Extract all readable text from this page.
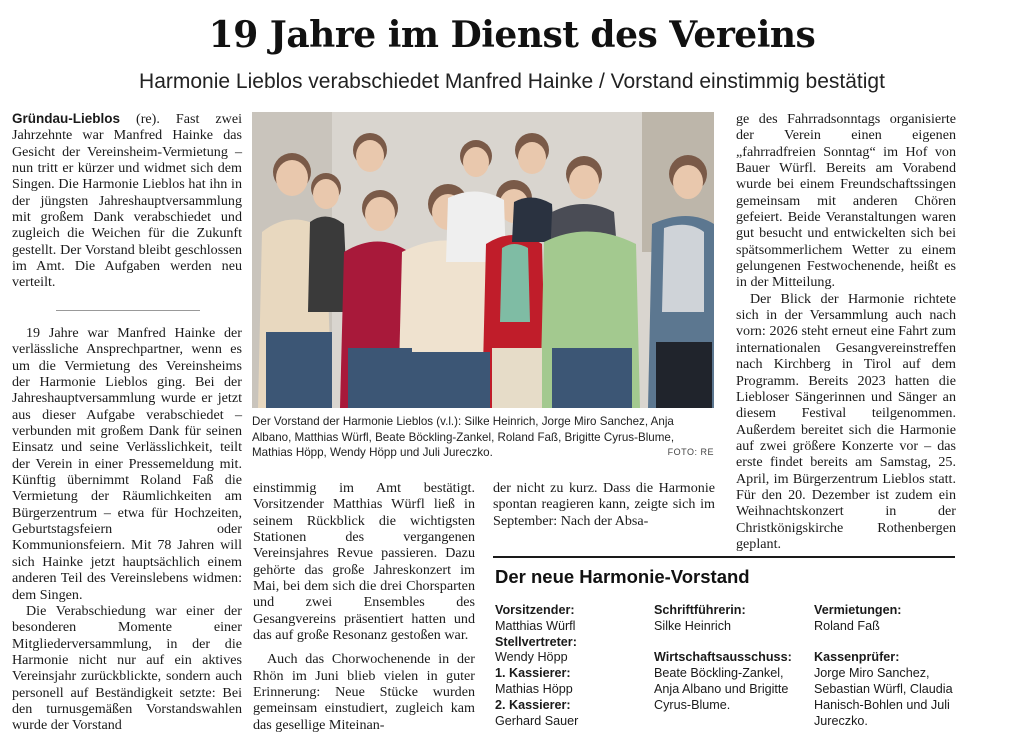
19 Jahre im Dienst des Vereins
Harmonie Lieblos verabschiedet Manfred Hainke / Vorstand einstimmig bestätigt

Gründau-Lieblos (re). Fast zwei Jahrzehnte war Manfred Hainke das Gesicht der Vereinsheim-Vermietung – nun tritt er kürzer und widmet sich dem Singen. Die Harmonie Lieblos hat ihn in der jüngsten Jahreshauptversammlung mit großem Dank verabschiedet und zugleich die Weichen für die Zukunft gestellt. Der Vorstand bleibt geschlossen im Amt. Die Aufgaben werden neu verteilt.

19 Jahre war Manfred Hainke der verlässliche Ansprechpartner, wenn es um die Vermietung des Vereinsheims der Harmonie Lieblos ging. Bei der Jahreshauptversammlung wurde er jetzt aus dieser Aufgabe verabschiedet – verbunden mit großem Dank für seinen Einsatz und seine Verlässlichkeit, teilt der Verein in einer Pressemeldung mit. Künftig übernimmt Roland Faß die Vermietung der Räumlichkeiten am Bürgerzentrum – etwa für Hochzeiten, Geburtstagsfeiern oder Kommunionsfeiern. Mit 78 Jahren will sich Hainke jetzt hauptsächlich einem anderen Teil des Vereinslebens widmen: dem Singen.

Die Verabschiedung war einer der besonderen Momente einer Mitgliederversammlung, in der die Harmonie nicht nur auf ein aktives Vereinsjahr zurückblickte, sondern auch personell auf Beständigkeit setzte: Bei den turnusgemäßen Vorstandswahlen wurde der Vorstand

Der Vorstand der Harmonie Lieblos (v.l.): Silke Heinrich, Jorge Miro Sanchez, Anja Albano, Matthias Würfl, Beate Böckling-Zankel, Roland Faß, Brigitte Cyrus-Blume, Mathias Höpp, Wendy Höpp und Juli Jureczko.	FOTO: RE

einstimmig im Amt bestätigt. Vorsitzender Matthias Würfl ließ in seinem Rückblick die wichtigsten Stationen des vergangenen Vereinsjahres Revue passieren. Dazu gehörte das große Jahreskonzert im Mai, bei dem sich die drei Chorsparten und zwei Ensembles des Gesangvereins präsentiert hatten und das auf große Resonanz gestoßen war.

Auch das Chorwochenende in der Rhön im Juni blieb vielen in guter Erinnerung: Neue Stücke wurden gemeinsam einstudiert, zugleich kam das gesellige Miteinan-

der nicht zu kurz. Dass die Harmonie spontan reagieren kann, zeigte sich im September: Nach der Absa-

ge des Fahrradsonntags organisierte der Verein einen eigenen „fahrradfreien Sonntag“ im Hof von Bauer Würfl. Bereits am Vorabend wurde bei einem Freundschaftssingen gemeinsam mit anderen Chören gefeiert. Beide Veranstaltungen waren gut besucht und entwickelten sich bei spätsommerlichem Wetter zu einem gelungenen Festwochenende, heißt es in der Mitteilung.

Der Blick der Harmonie richtete sich in der Versammlung auch nach vorn: 2026 steht erneut eine Fahrt zum internationalen Gesangvereinstreffen nach Kirchberg in Tirol auf dem Programm. Bereits 2023 hatten die Liebloser Sängerinnen und Sänger an diesem Festival teilgenommen. Außerdem bereitet sich die Harmonie auf zwei größere Konzerte vor – das erste findet bereits am Samstag, 25. April, im Bürgerzentrum Lieblos statt. Für den 20. Dezember ist zudem ein Weihnachtskonzert in der Christkönigskirche Rothenbergen geplant.

Der neue Harmonie-Vorstand
Vorsitzender:
Matthias Würfl
Stellvertreter:
Wendy Höpp
1. Kassierer:
Mathias Höpp
2. Kassierer:
Gerhard Sauer
Schriftführerin:
Silke Heinrich
Wirtschaftsausschuss:
Beate Böckling-Zankel, Anja Albano und Brigitte Cyrus-Blume.
Vermietungen:
Roland Faß
Kassenprüfer:
Jorge Miro Sanchez, Sebastian Würfl, Claudia Hanisch-Bohlen und Juli Jureczko.
